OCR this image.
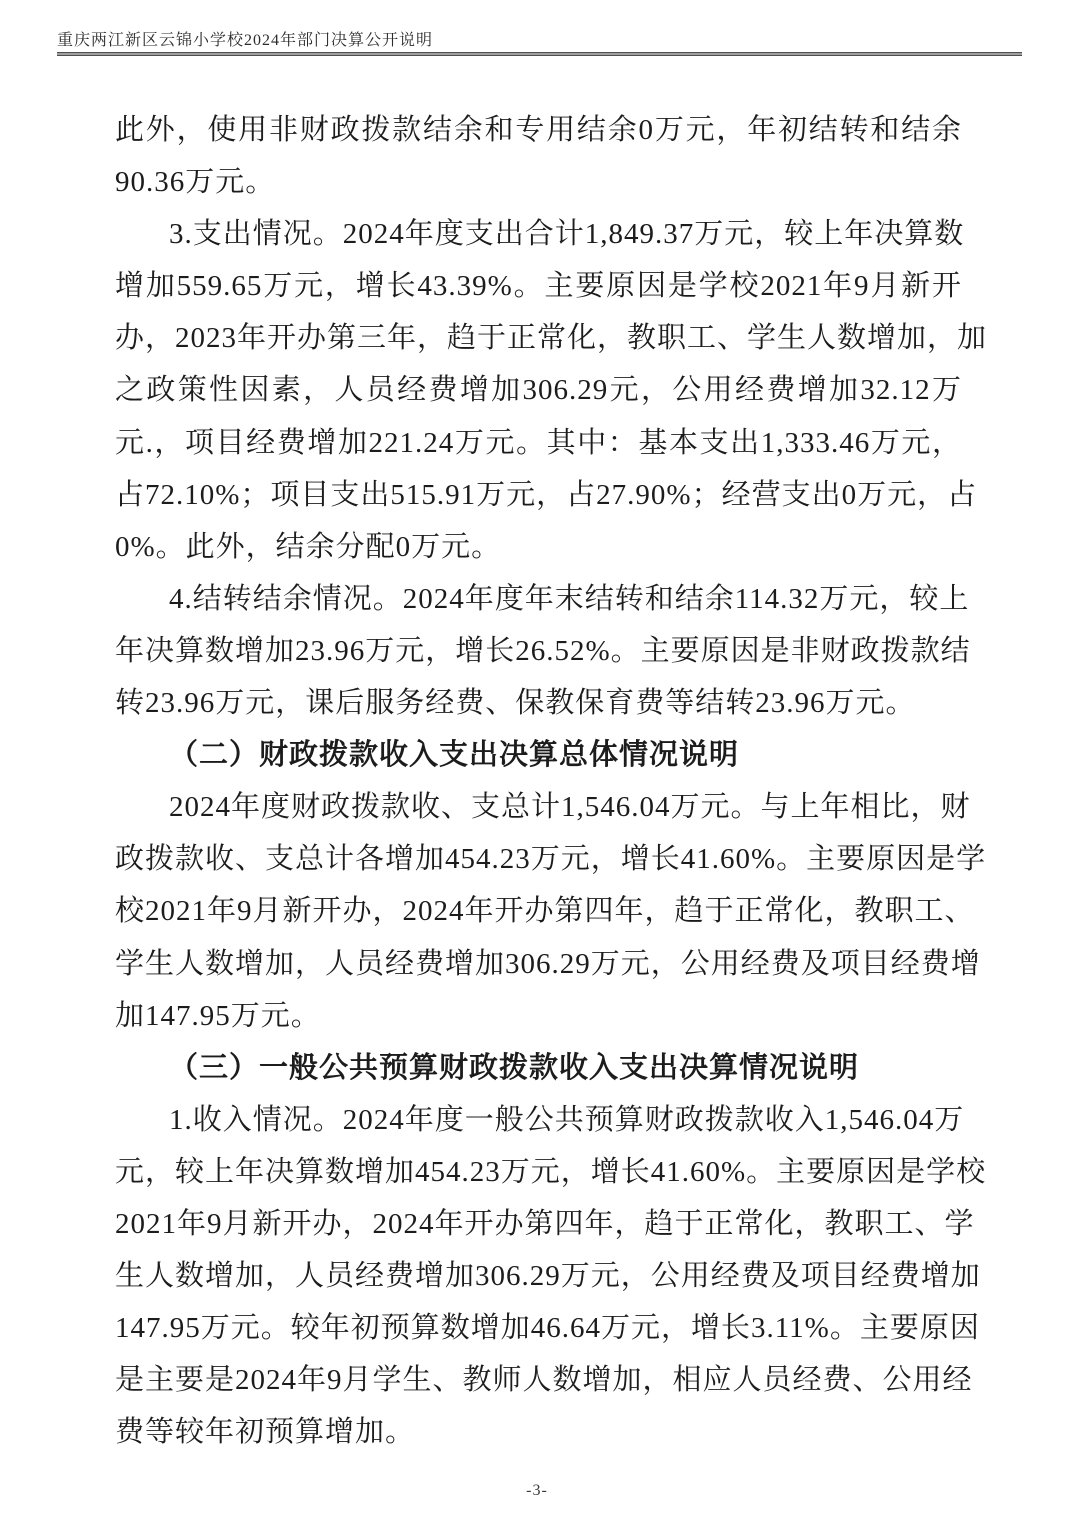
重庆两江新区云锦小学校2024年部门决算公开说明
此外，使用非财政拨款结余和专用结余0万元，年初结转和结余
90.36万元。
3.支出情况。2024年度支出合计1,849.37万元，较上年决算数
增加559.65万元，增长43.39%。主要原因是学校2021年9月新开
办，2023年开办第三年，趋于正常化，教职工、学生人数增加，加
之政策性因素，人员经费增加306.29元，公用经费增加32.12万
元.，项目经费增加221.24万元。其中：基本支出1,333.46万元，
占72.10%；项目支出515.91万元，占27.90%；经营支出0万元，占
0%。此外，结余分配0万元。
4.结转结余情况。2024年度年末结转和结余114.32万元，较上
年决算数增加23.96万元，增长26.52%。主要原因是非财政拨款结
转23.96万元，课后服务经费、保教保育费等结转23.96万元。
（二）财政拨款收入支出决算总体情况说明
2024年度财政拨款收、支总计1,546.04万元。与上年相比，财
政拨款收、支总计各增加454.23万元，增长41.60%。主要原因是学
校2021年9月新开办，2024年开办第四年，趋于正常化，教职工、
学生人数增加，人员经费增加306.29万元，公用经费及项目经费增
加147.95万元。
（三）一般公共预算财政拨款收入支出决算情况说明
1.收入情况。2024年度一般公共预算财政拨款收入1,546.04万
元，较上年决算数增加454.23万元，增长41.60%。主要原因是学校
2021年9月新开办，2024年开办第四年，趋于正常化，教职工、学
生人数增加，人员经费增加306.29万元，公用经费及项目经费增加
147.95万元。较年初预算数增加46.64万元，增长3.11%。主要原因
是主要是2024年9月学生、教师人数增加，相应人员经费、公用经
费等较年初预算增加。
-3-
